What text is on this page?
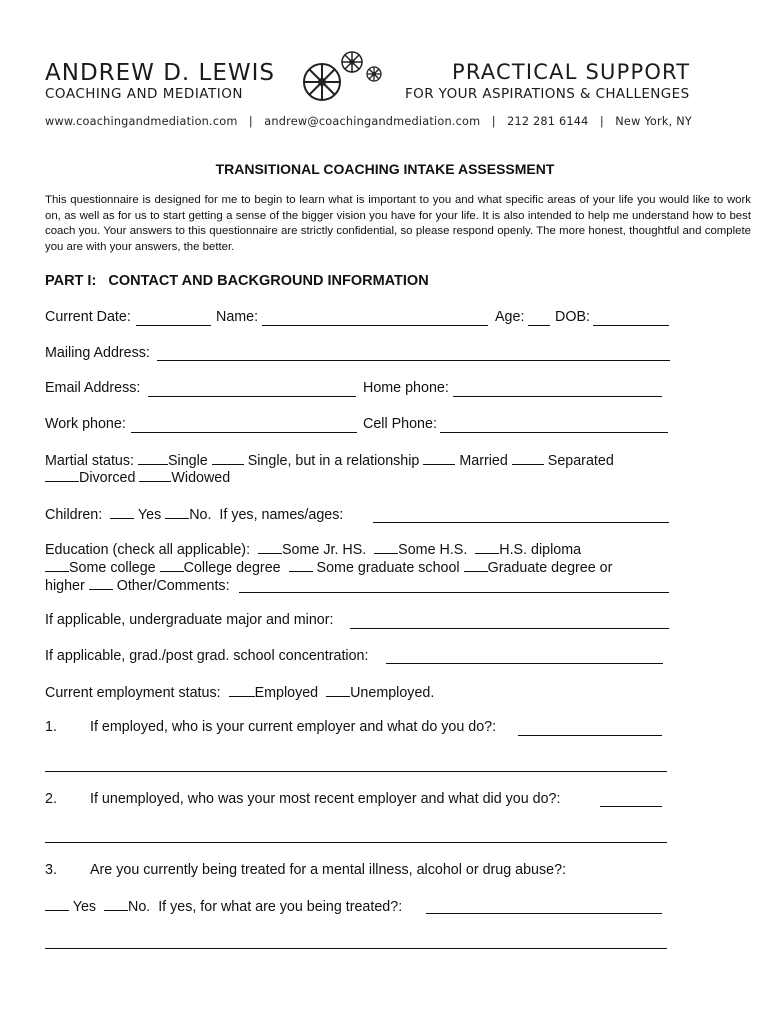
ANDREW D. LEWIS
COACHING AND MEDIATION
PRACTICAL SUPPORT
FOR YOUR ASPIRATIONS & CHALLENGES
www.coachingandmediation.com   |   andrew@coachingandmediation.com   |   212 281 6144   |   New York, NY
TRANSITIONAL COACHING INTAKE ASSESSMENT
This questionnaire is designed for me to begin to learn what is important to you and what specific areas of your life you would like to work on, as well as for us to start getting a sense of the bigger vision you have for your life. It is also intended to help me understand how to best coach you. Your answers to this questionnaire are strictly confidential, so please respond openly. The more honest, thoughtful and complete you are with your answers, the better.
PART I:   CONTACT AND BACKGROUND INFORMATION
Current Date:	Name:	Age: DOB:
Mailing Address:
Email Address:	Home phone:
Work phone:	Cell Phone:
Martial status: Single	Single, but in a relationship	Married	Separated
Divorced	Widowed
Children: Yes No. If yes, names/ages:
Education (check all applicable): Some Jr. HS. Some H.S. H.S. diploma
Some college College degree	Some graduate school Graduate degree or
higher Other/Comments:
If applicable, undergraduate major and minor:
If applicable, grad./post grad. school concentration:
Current employment status: Employed Unemployed.
1. If employed, who is your current employer and what do you do?:
2. If unemployed, who was your most recent employer and what did you do?:
3. Are you currently being treated for a mental illness, alcohol or drug abuse?:
Yes No. If yes, for what are you being treated?:
